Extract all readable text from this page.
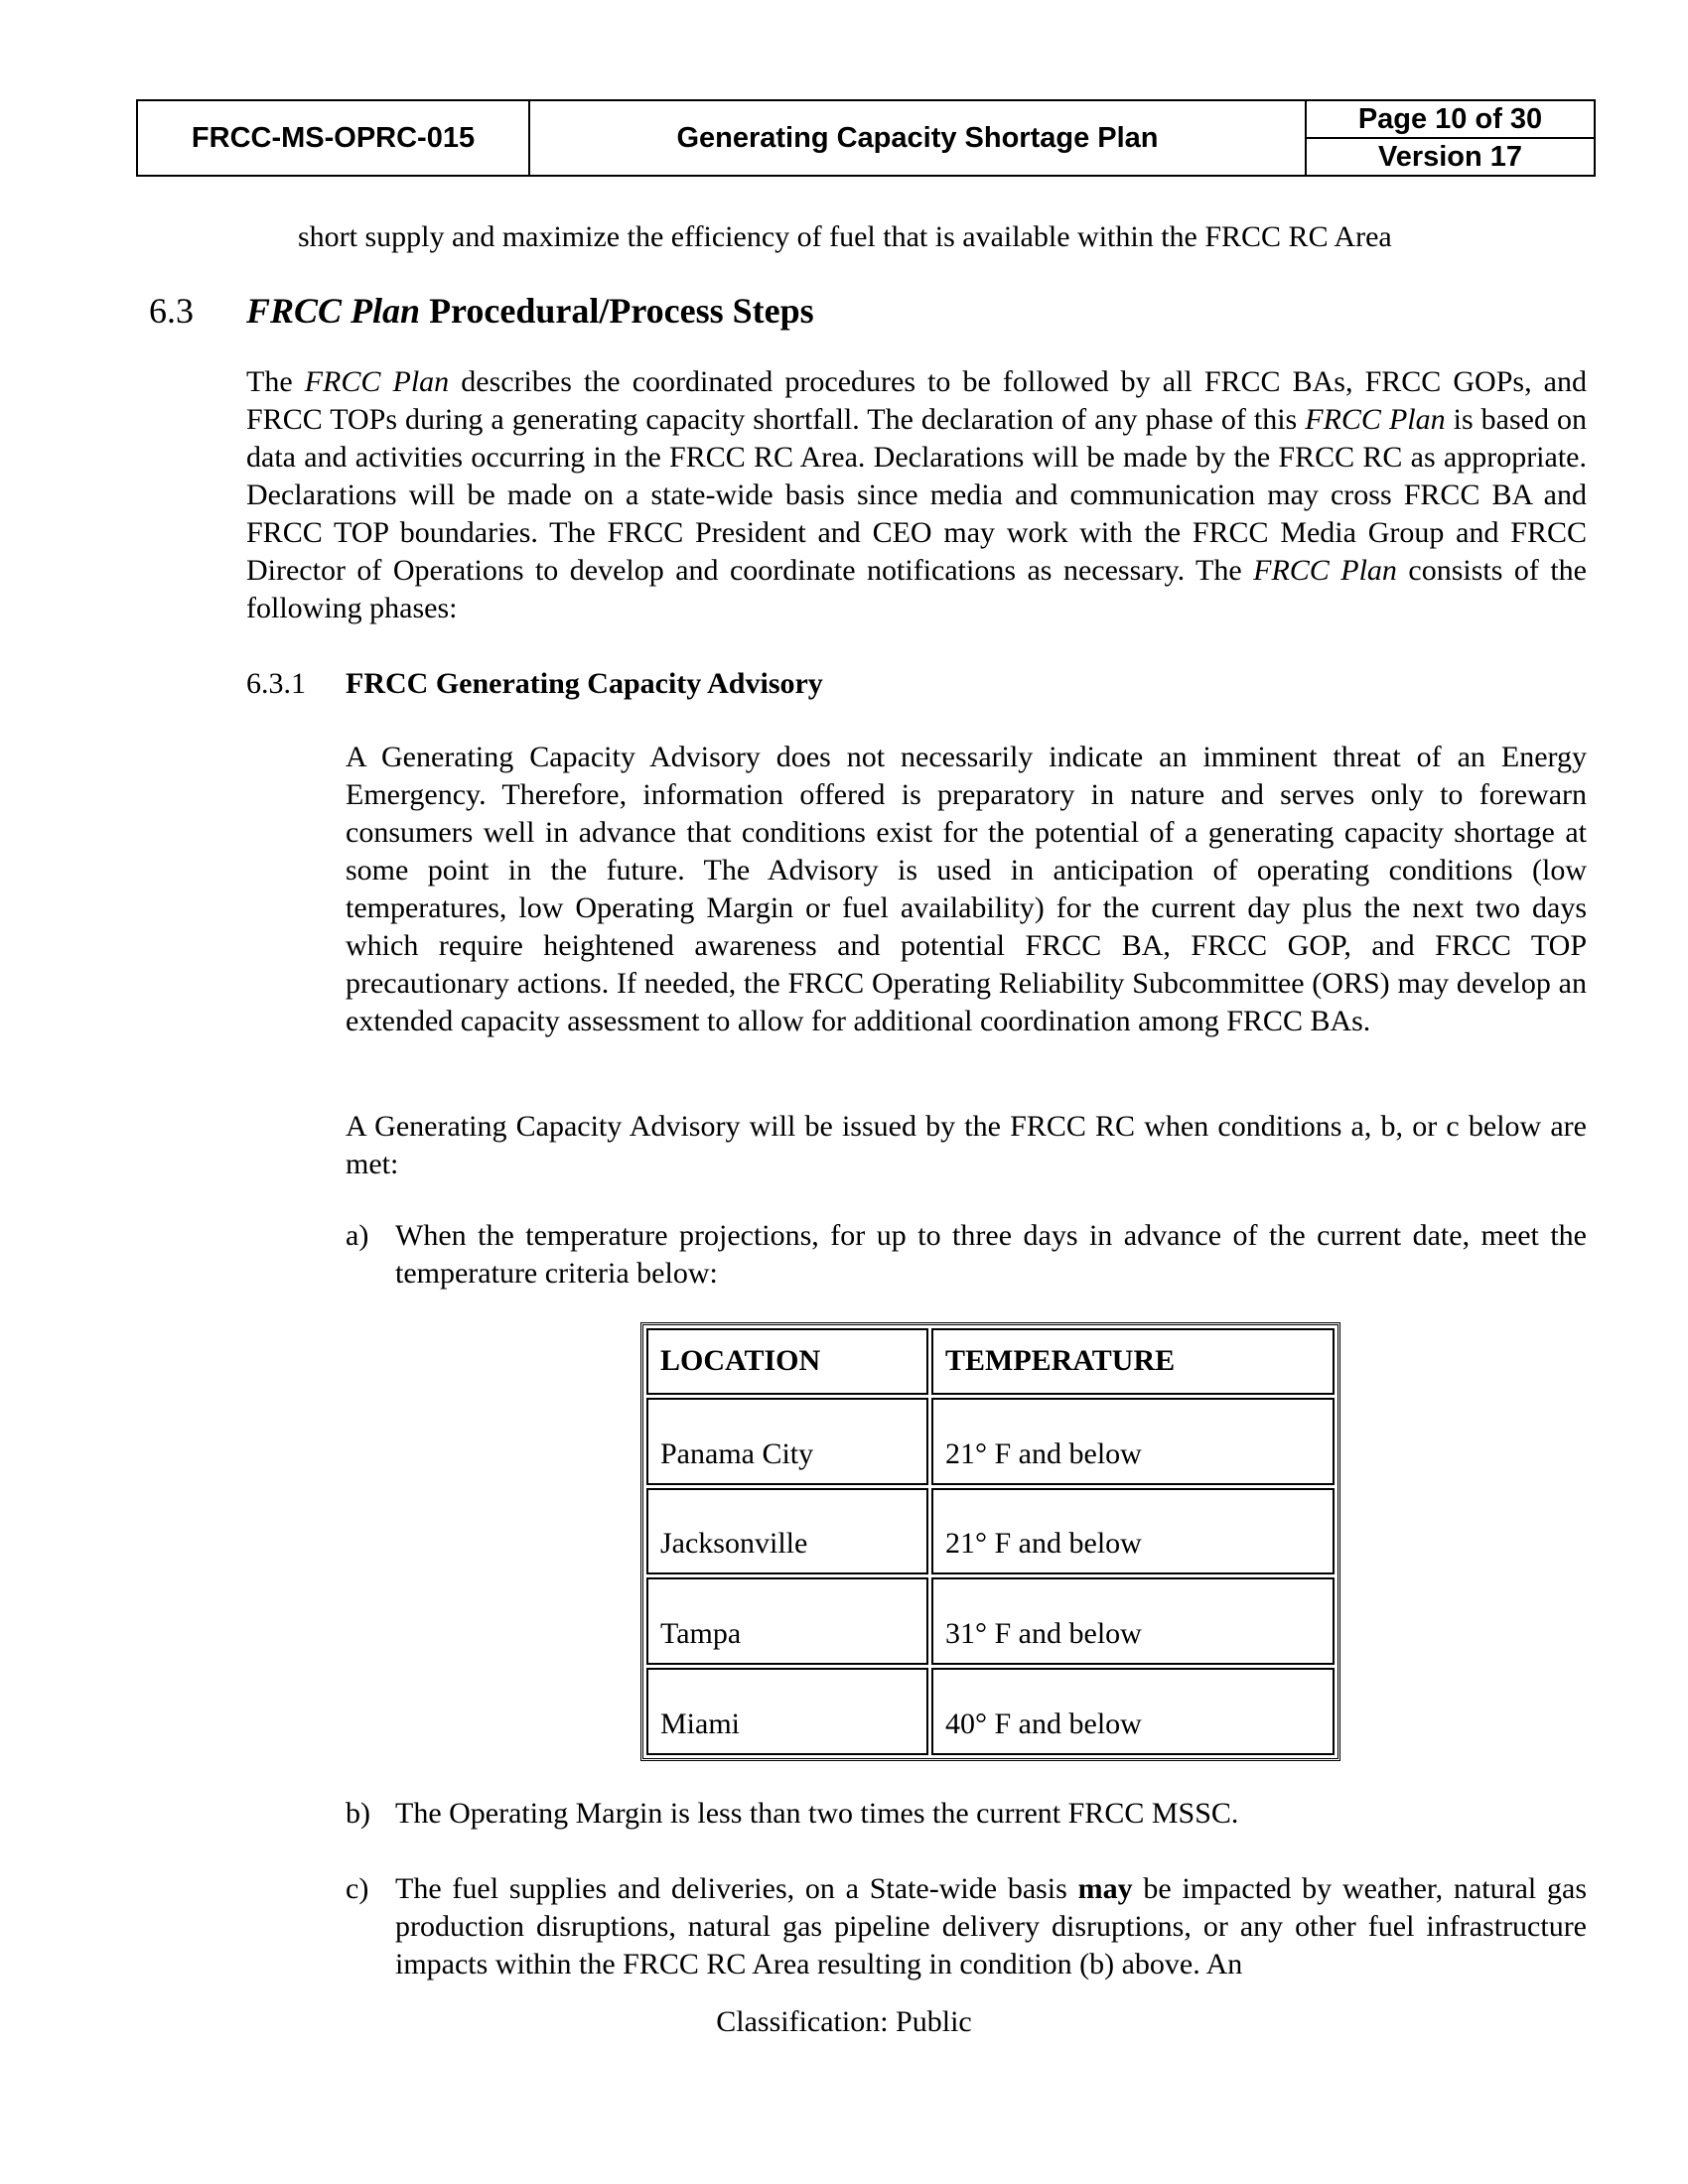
FRCC-MS-OPRC-015	Generating Capacity Shortage Plan
Page 10 of 30
Version 17

short supply and maximize the efficiency of fuel that is available within the FRCC RC Area

6.3 FRCC Plan Procedural/Process Steps

The FRCC Plan describes the coordinated procedures to be followed by all FRCC BAs, FRCC GOPs, and FRCC TOPs during a generating capacity shortfall. The declaration of any phase of this FRCC Plan is based on data and activities occurring in the FRCC RC Area. Declarations will be made by the FRCC RC as appropriate. Declarations will be made on a state-wide basis since media and communication may cross FRCC BA and FRCC TOP boundaries. The FRCC President and CEO may work with the FRCC Media Group and FRCC Director of Operations to develop and coordinate notifications as necessary. The FRCC Plan consists of the following phases:

6.3.1 FRCC Generating Capacity Advisory

A Generating Capacity Advisory does not necessarily indicate an imminent threat of an Energy Emergency. Therefore, information offered is preparatory in nature and serves only to forewarn consumers well in advance that conditions exist for the potential of a generating capacity shortage at some point in the future. The Advisory is used in anticipation of operating conditions (low temperatures, low Operating Margin or fuel availability) for the current day plus the next two days which require heightened awareness and potential FRCC BA, FRCC GOP, and FRCC TOP precautionary actions. If needed, the FRCC Operating Reliability Subcommittee (ORS) may develop an extended capacity assessment to allow for additional coordination among FRCC BAs.

A Generating Capacity Advisory will be issued by the FRCC RC when conditions a, b, or c below are met:

a) When the temperature projections, for up to three days in advance of the current date, meet the temperature criteria below:

LOCATION	TEMPERATURE
Panama City	21° F and below
Jacksonville	21° F and below
Tampa	31° F and below
Miami	40° F and below
b) The Operating Margin is less than two times the current FRCC MSSC.

c) The fuel supplies and deliveries, on a State-wide basis may be impacted by weather, natural gas production disruptions, natural gas pipeline delivery disruptions, or any other fuel infrastructure impacts within the FRCC RC Area resulting in condition (b) above. An

Classification: Public
